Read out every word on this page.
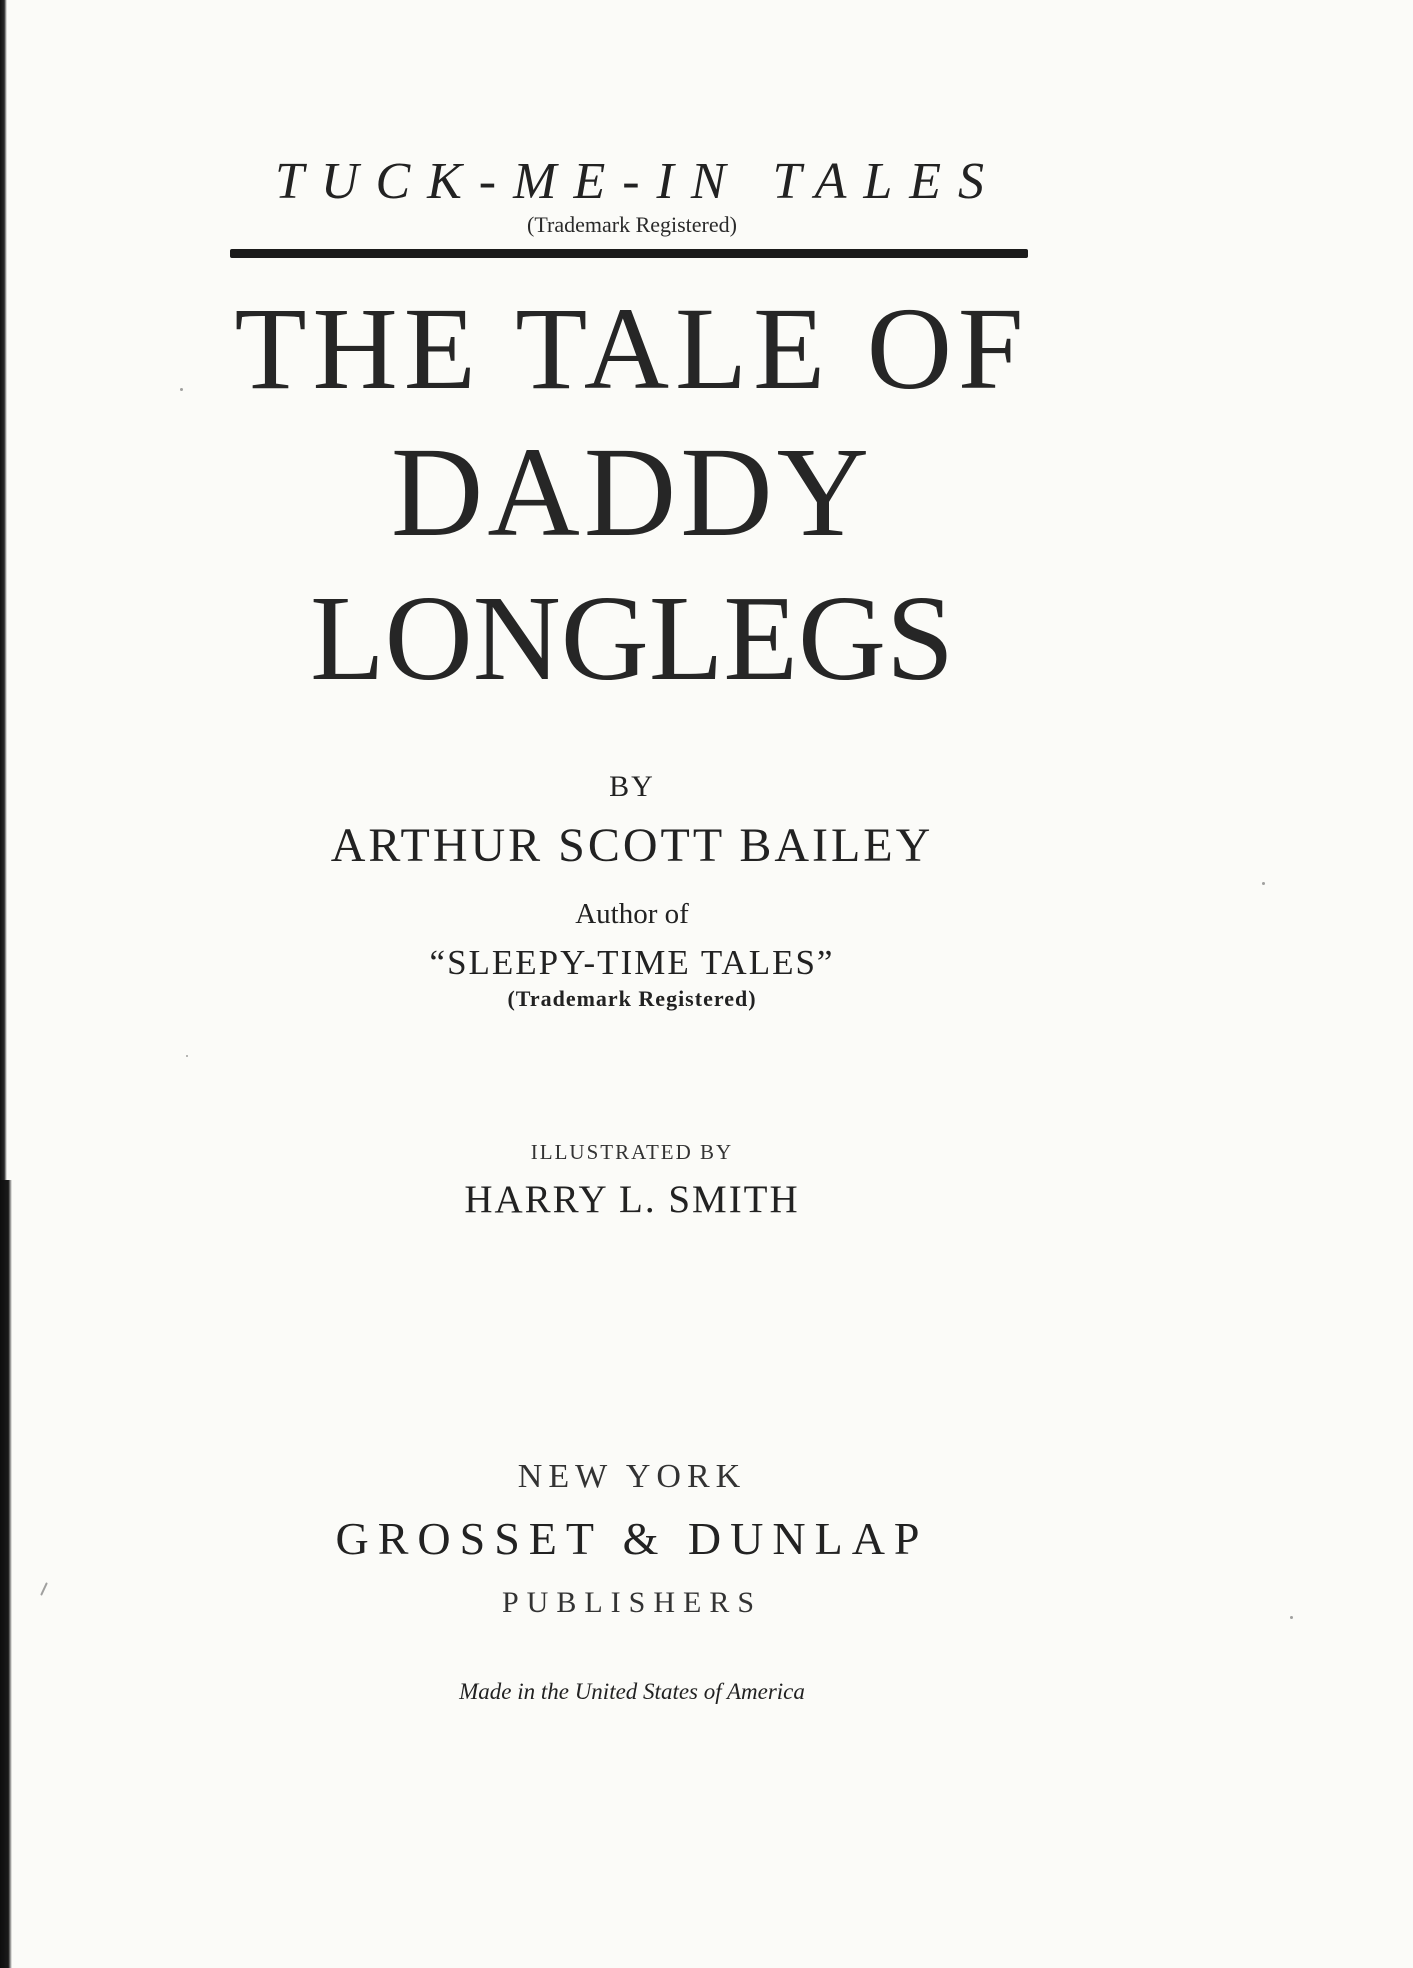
TUCK-ME-IN TALES
(Trademark Registered)
THE TALE OF
DADDY
LONGLEGS
BY
ARTHUR SCOTT BAILEY
Author of
“SLEEPY-TIME TALES”
(Trademark Registered)
ILLUSTRATED BY
HARRY L. SMITH
NEW YORK
GROSSET & DUNLAP
PUBLISHERS
Made in the United States of America
